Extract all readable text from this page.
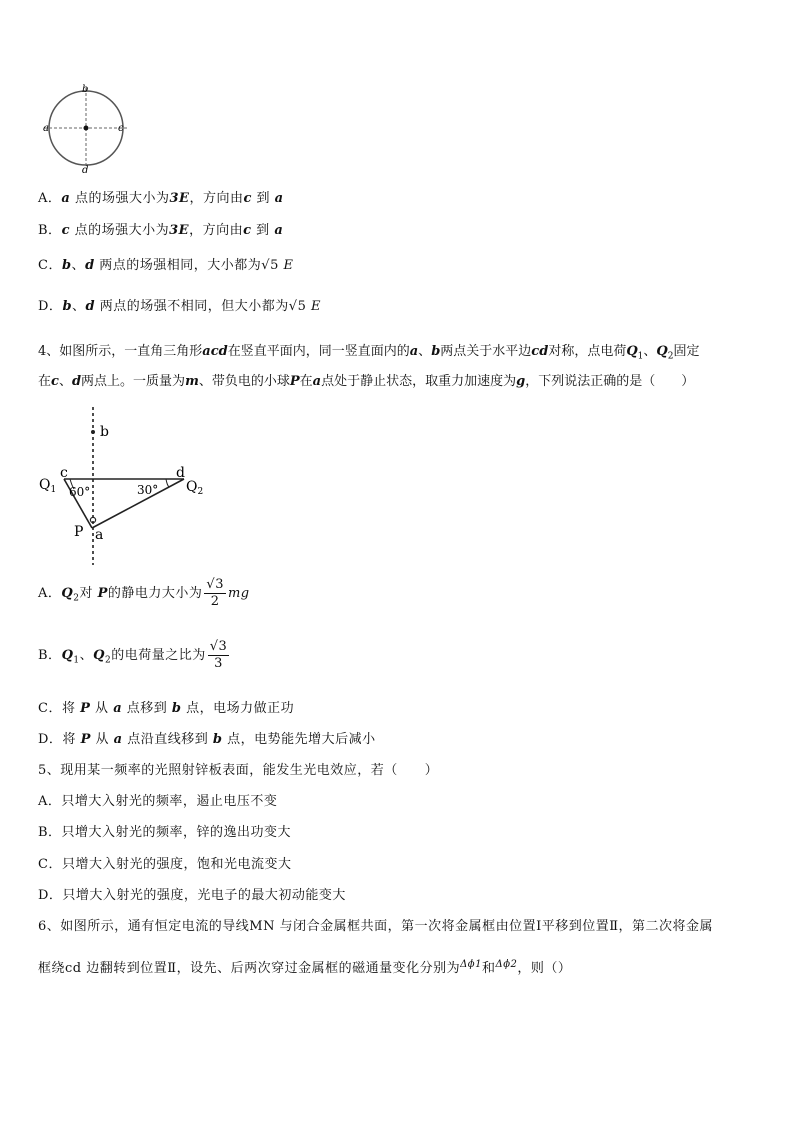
b
a	c
d
A．a 点的场强大小为3E，方向由c 到 a
B．c 点的场强大小为3E，方向由c 到 a
C．b、d 两点的场强相同，大小都为√5 E
D．b、d 两点的场强不相同，但大小都为√5 E
4、如图所示，一直角三角形acd在竖直平面内，同一竖直面内的a、b两点关于水平边cd对称，点电荷$Q_1$、$Q_2$固定
在c、d两点上。一质量为m、带负电的小球P在a点处于静止状态，取重力加速度为g，下列说法正确的是（　　）
b
c	d
$Q_1$	$Q_2$
60°	30°
P a
A．$Q_2$对 P的静电力大小为 $\frac{√3}{2}$ mg
B．$Q_1$、$Q_2$的电荷量之比为 $\frac{√3}{3}$
C．将 P 从 a 点移到 b 点，电场力做正功
D．将 P 从 a 点沿直线移到 b 点，电势能先增大后减小
5、现用某一频率的光照射锌板表面，能发生光电效应，若（　　）
A．只增大入射光的频率，遏止电压不变
B．只增大入射光的频率，锌的逸出功变大
C．只增大入射光的强度，饱和光电流变大
D．只增大入射光的强度，光电子的最大初动能变大
6、如图所示，通有恒定电流的导线MN 与闭合金属框共面，第一次将金属框由位置Ⅰ平移到位置Ⅱ，第二次将金属
框绕cd 边翻转到位置Ⅱ，设先、后两次穿过金属框的磁通量变化分别为$^{\Delta\phi 1}$和$^{\Delta\phi 2}$，则（）
